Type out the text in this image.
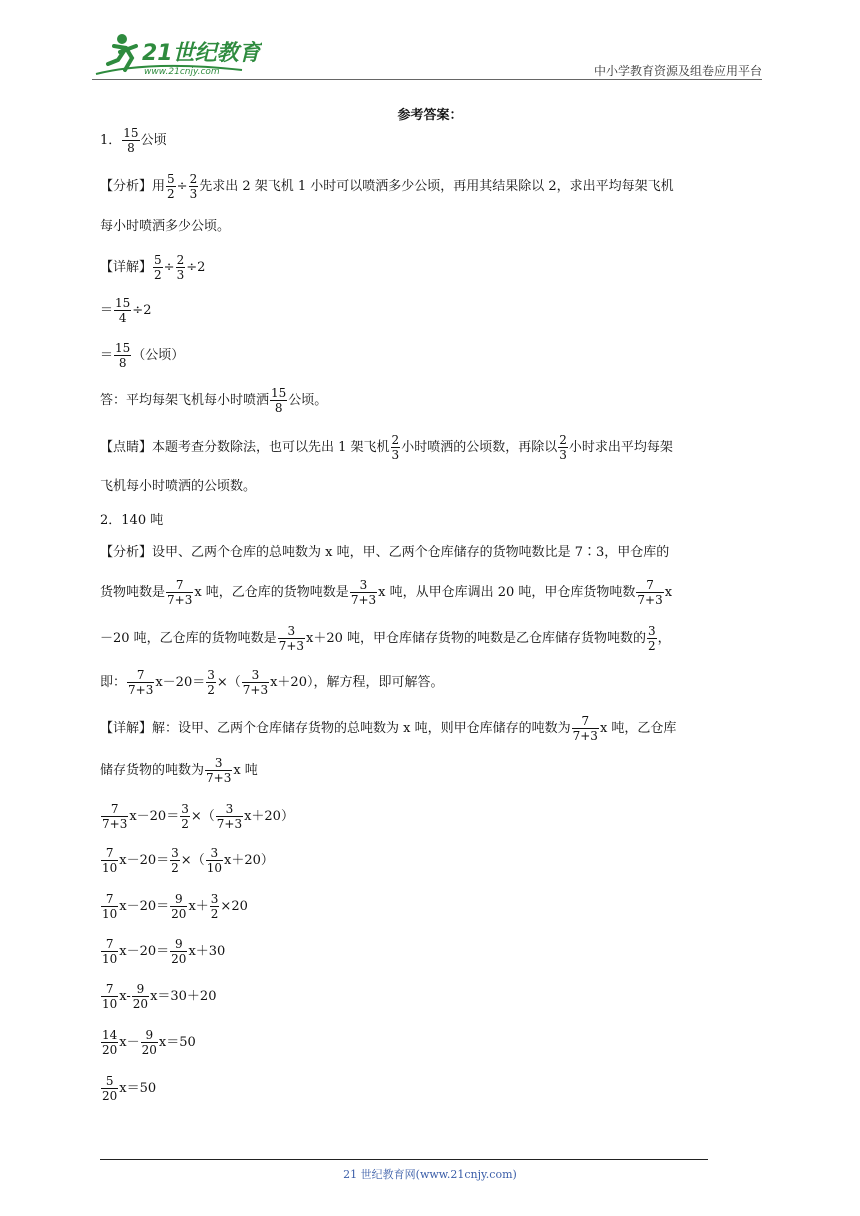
21世纪教育
www.21cnjy.com	中小学教育资源及组卷应用平台
参考答案：
1． $\frac{15}{8}$ 公顷
【分析】用 $\frac{5}{2} \div \frac{2}{3}$ 先求出 2 架飞机 1 小时可以喷洒多少公顷，再用其结果除以 2，求出平均每架飞机
每小时喷洒多少公顷。
【详解】 $\frac{5}{2} \div \frac{2}{3} \div 2$
＝ $\frac{15}{4} \div 2$
＝ $\frac{15}{8}$ （公顷）
答：平均每架飞机每小时喷洒 $\frac{15}{8}$ 公顷。
【点睛】本题考查分数除法，也可以先出 1 架飞机 $\frac{2}{3}$ 小时喷洒的公顷数，再除以 $\frac{2}{3}$ 小时求出平均每架
飞机每小时喷洒的公顷数。
2．140 吨
【分析】设甲、乙两个仓库的总吨数为 x 吨，甲、乙两个仓库储存的货物吨数比是 7∶3，甲仓库的
货物吨数是 $\frac{7}{7+3}$ x 吨，乙仓库的货物吨数是 $\frac{3}{7+3}$ x 吨，从甲仓库调出 20 吨，甲仓库货物吨数 $\frac{7}{7+3}$ x
－20 吨，乙仓库的货物吨数是 $\frac{3}{7+3} x+20$ 吨，甲仓库储存货物的吨数是乙仓库储存货物吨数的 $\frac{3}{2}$ ，
即： $\frac{7}{7+3} x-20= \frac{3}{2}$ ×（ $\frac{3}{7+3} x+20$），解方程，即可解答。
【详解】解：设甲、乙两个仓库储存货物的总吨数为 x 吨，则甲仓库储存的吨数为 $\frac{7}{7+3}$ x 吨，乙仓库
储存货物的吨数为 $\frac{3}{7+3}$ x 吨
$\frac{7}{7+3} x-20= \frac{3}{2}$ ×（ $\frac{3}{7+3} x+20$）
$\frac{7}{10} x-20= \frac{3}{2}$ ×（ $\frac{3}{10} x+20$）
$\frac{7}{10} x-20= \frac{9}{20} x+ \frac{3}{2} \times 20$
$\frac{7}{10} x-20= \frac{9}{20} x+30$
$\frac{7}{10} x- \frac{9}{20} x=30+20$
$\frac{14}{20} x- \frac{9}{20} x=50$
$\frac{5}{20} x=50$
21 世纪教育网(www.21cnjy.com)
